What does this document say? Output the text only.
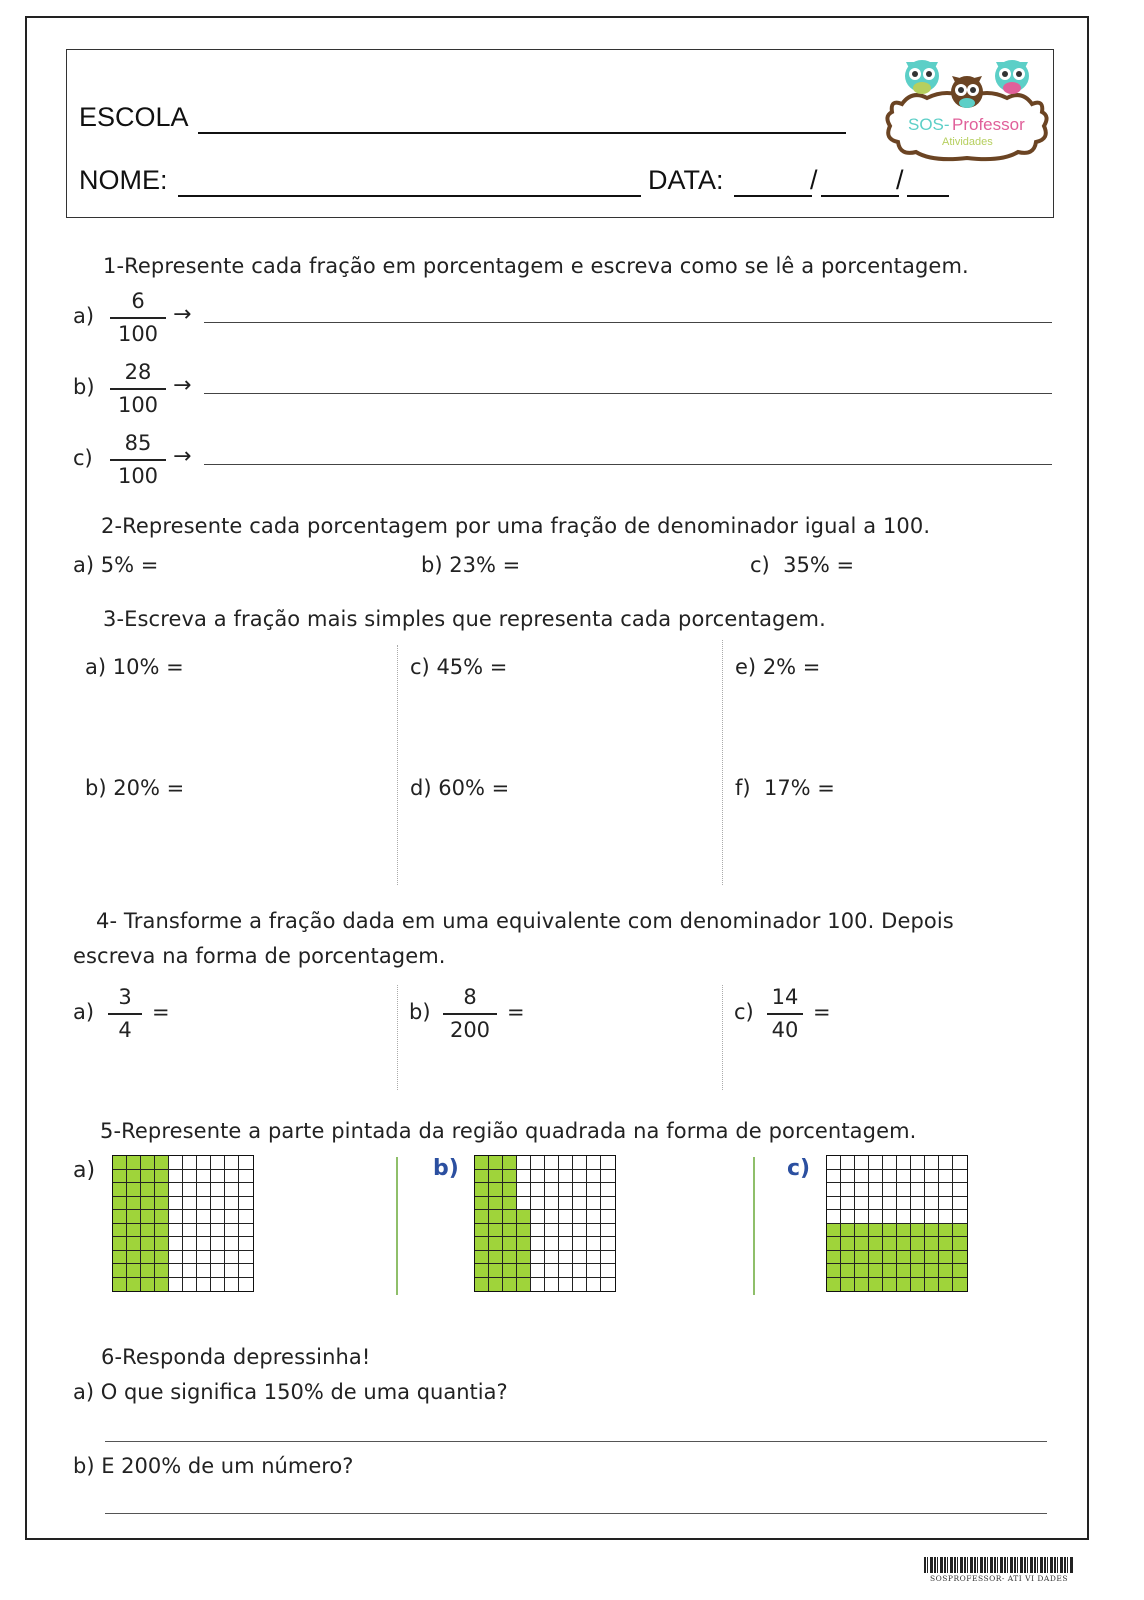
ESCOLA
NOME:	DATA:	/	/
SOS- Professor
Atividades
1-Represente cada fração em porcentagem e escreva como se lê a porcentagem.
a)
6
100
→
b)
28
100
→
c)
85
100
→
2-Represente cada porcentagem por uma fração de denominador igual a 100.
a) 5% =	b) 23% =	c) 35% =
3-Escreva a fração mais simples que representa cada porcentagem.
a) 10% =	c) 45% =	e) 2% =
b) 20% =	d) 60% =	f) 17% =
4- Transforme a fração dada em uma equivalente com denominador 100. Depois
escreva na forma de porcentagem.
a)
3
4
=	b)
8
200
=	c)
14
40
=
5-Represente a parte pintada da região quadrada na forma de porcentagem.
a)	b)	c)
6-Responda depressinha!
a) O que significa 150% de uma quantia?
b) E 200% de um número?
SOSPROFESSOR- ATI VI DADES
